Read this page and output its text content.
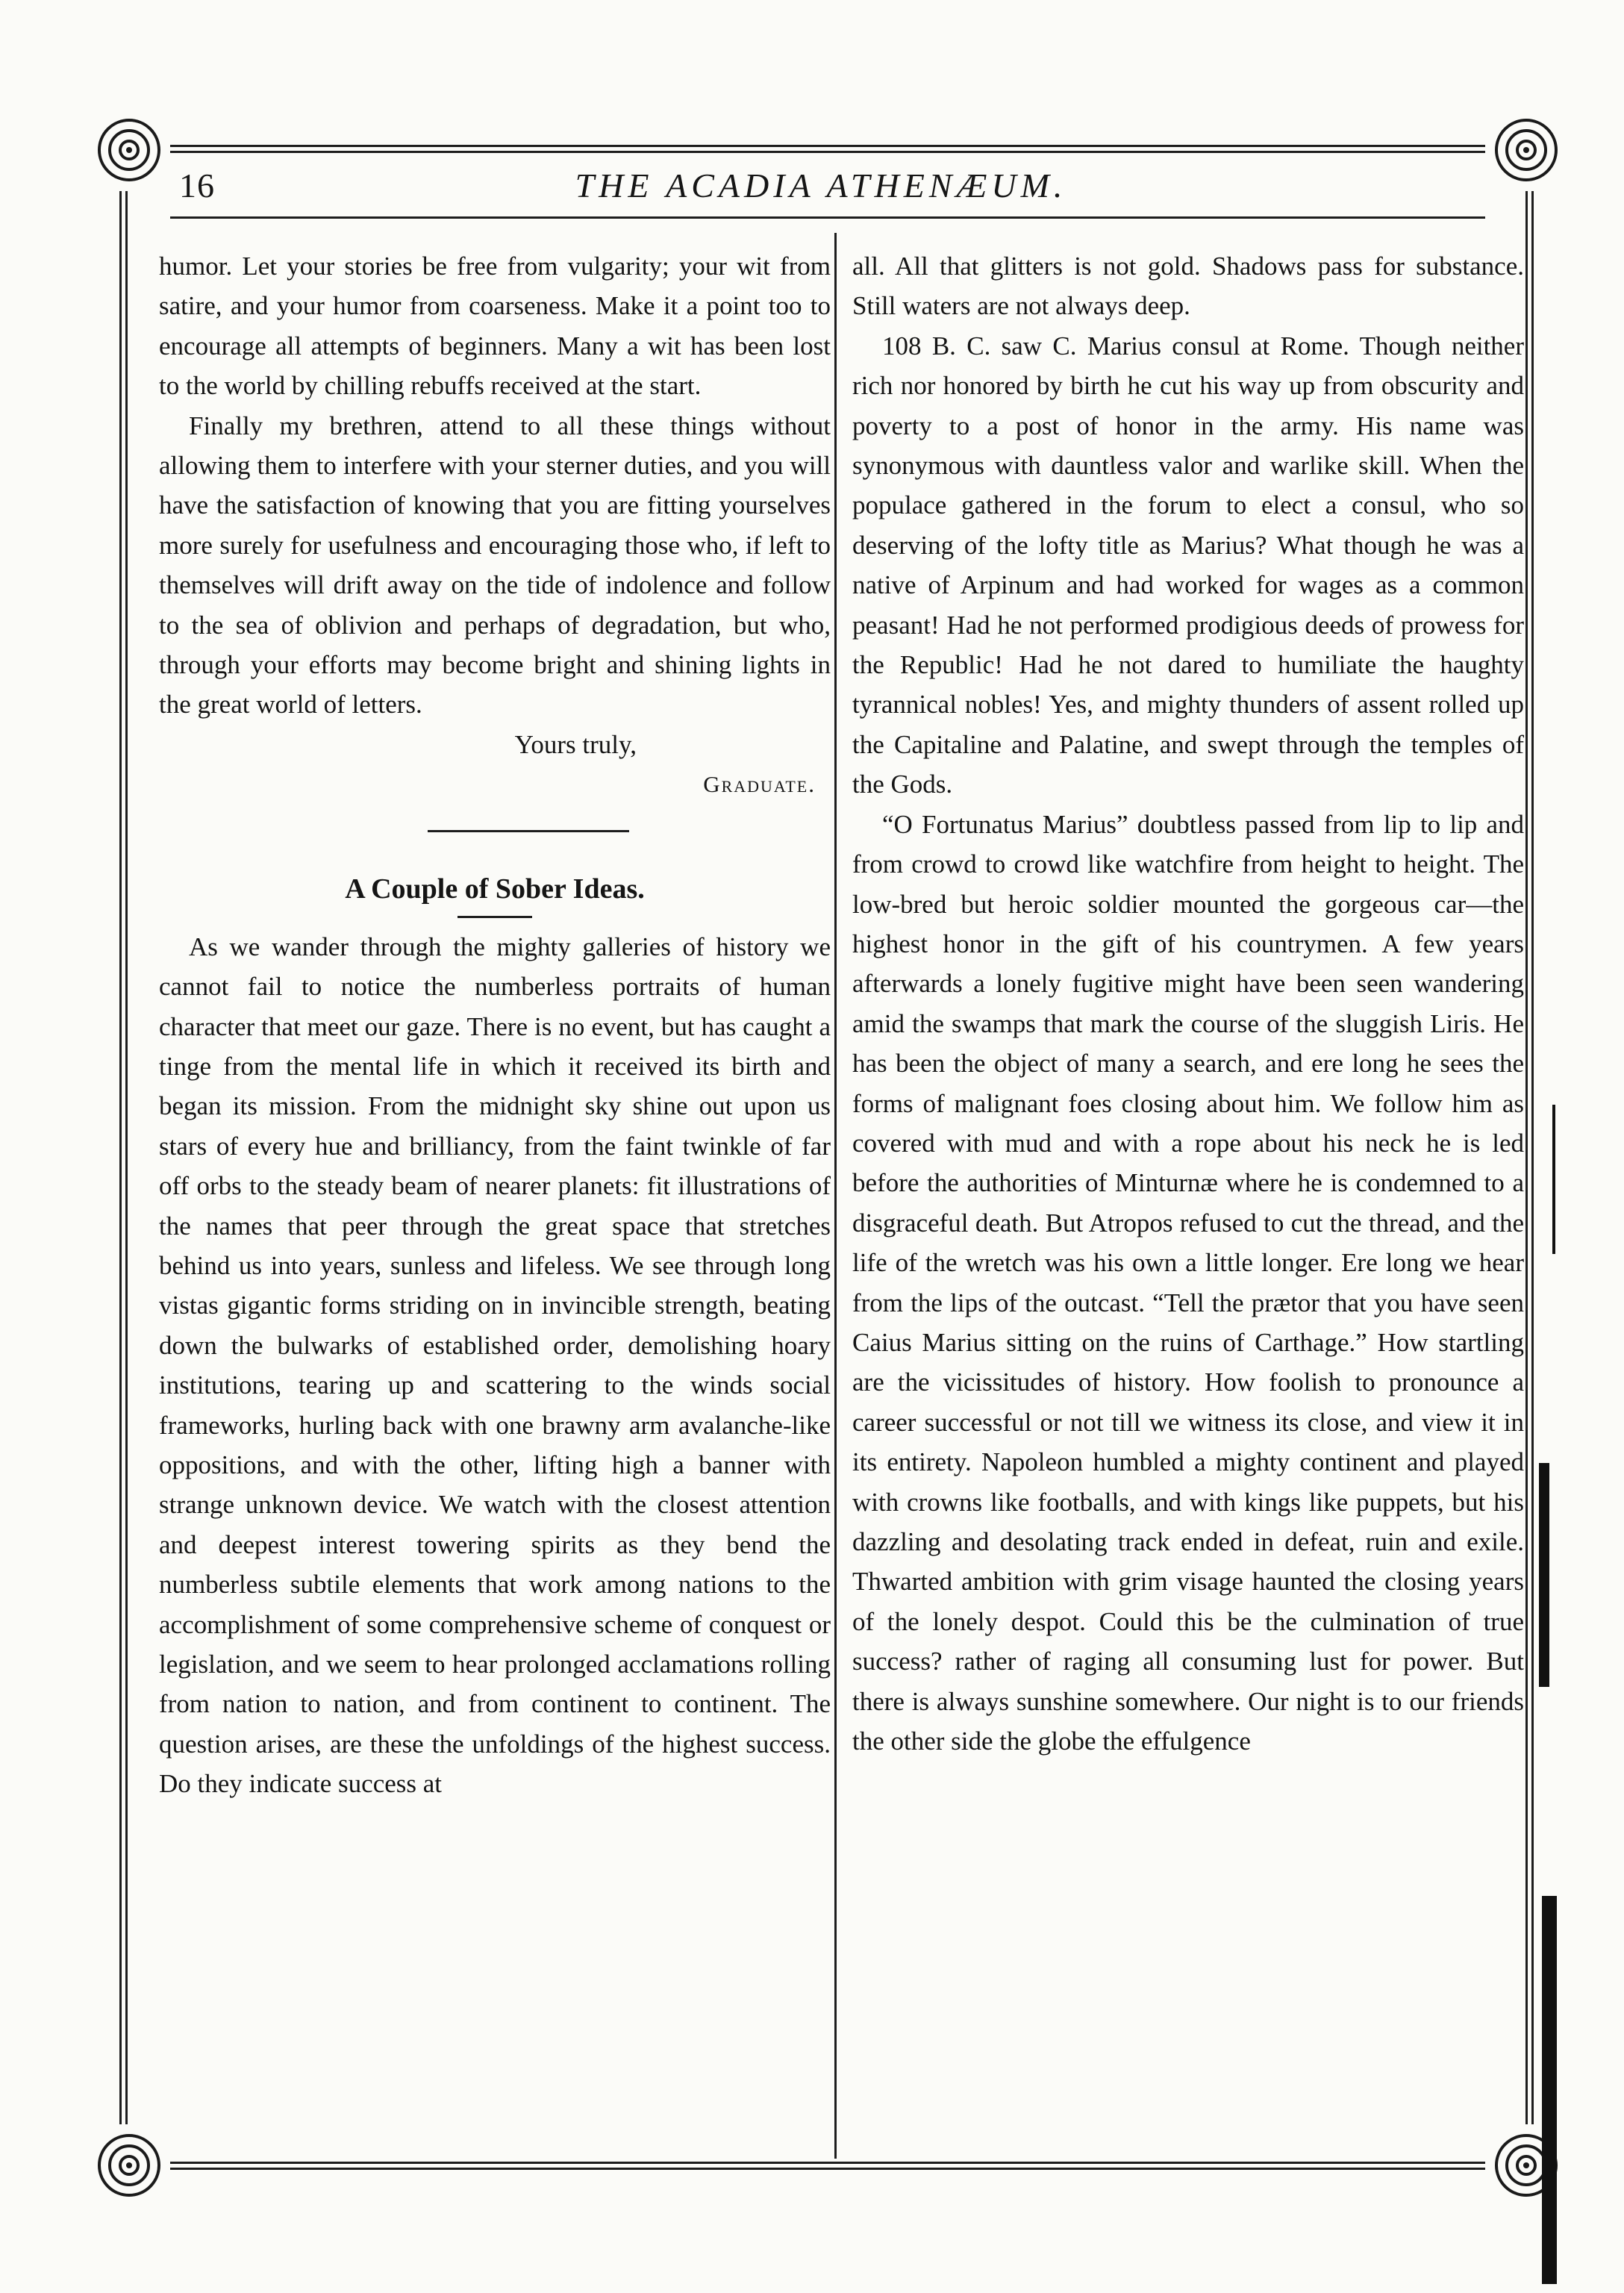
16	THE ACADIA ATHENÆUM.

humor. Let your stories be free from vulgarity; your wit from satire, and your humor from coarseness. Make it a point too to encourage all attempts of beginners. Many a wit has been lost to the world by chilling rebuffs received at the start.

Finally my brethren, attend to all these things without allowing them to interfere with your sterner duties, and you will have the satisfaction of knowing that you are fitting yourselves more surely for usefulness and encouraging those who, if left to themselves will drift away on the tide of indolence and follow to the sea of oblivion and perhaps of degradation, but who, through your efforts may become bright and shining lights in the great world of letters.

Yours truly,
Graduate.
A Couple of Sober Ideas.

As we wander through the mighty galleries of history we cannot fail to notice the numberless portraits of human character that meet our gaze. There is no event, but has caught a tinge from the mental life in which it received its birth and began its mission. From the midnight sky shine out upon us stars of every hue and brilliancy, from the faint twinkle of far off orbs to the steady beam of nearer planets: fit illustrations of the names that peer through the great space that stretches behind us into years, sunless and lifeless. We see through long vistas gigantic forms striding on in invincible strength, beating down the bulwarks of established order, demolishing hoary institutions, tearing up and scattering to the winds social frameworks, hurling back with one brawny arm avalanche-like oppositions, and with the other, lifting high a banner with strange unknown device. We watch with the closest attention and deepest interest towering spirits as they bend the numberless subtile elements that work among nations to the accomplishment of some comprehensive scheme of conquest or legislation, and we seem to hear prolonged acclamations rolling from nation to nation, and from continent to continent. The question arises, are these the unfoldings of the highest success. Do they indicate success at

all. All that glitters is not gold. Shadows pass for substance. Still waters are not always deep.

108 B. C. saw C. Marius consul at Rome. Though neither rich nor honored by birth he cut his way up from obscurity and poverty to a post of honor in the army. His name was synonymous with dauntless valor and warlike skill. When the populace gathered in the forum to elect a consul, who so deserving of the lofty title as Marius? What though he was a native of Arpinum and had worked for wages as a common peasant! Had he not performed prodigious deeds of prowess for the Republic! Had he not dared to humiliate the haughty tyrannical nobles! Yes, and mighty thunders of assent rolled up the Capitaline and Palatine, and swept through the temples of the Gods.

“O Fortunatus Marius” doubtless passed from lip to lip and from crowd to crowd like watchfire from height to height. The low-bred but heroic soldier mounted the gorgeous car—the highest honor in the gift of his countrymen. A few years afterwards a lonely fugitive might have been seen wandering amid the swamps that mark the course of the sluggish Liris. He has been the object of many a search, and ere long he sees the forms of malignant foes closing about him. We follow him as covered with mud and with a rope about his neck he is led before the authorities of Minturnæ where he is condemned to a disgraceful death. But Atropos refused to cut the thread, and the life of the wretch was his own a little longer. Ere long we hear from the lips of the outcast. “Tell the prætor that you have seen Caius Marius sitting on the ruins of Carthage.” How startling are the vicissitudes of history. How foolish to pronounce a career successful or not till we witness its close, and view it in its entirety. Napoleon humbled a mighty continent and played with crowns like footballs, and with kings like puppets, but his dazzling and desolating track ended in defeat, ruin and exile. Thwarted ambition with grim visage haunted the closing years of the lonely despot. Could this be the culmination of true success? rather of raging all consuming lust for power. But there is always sunshine somewhere. Our night is to our friends the other side the globe the effulgence
